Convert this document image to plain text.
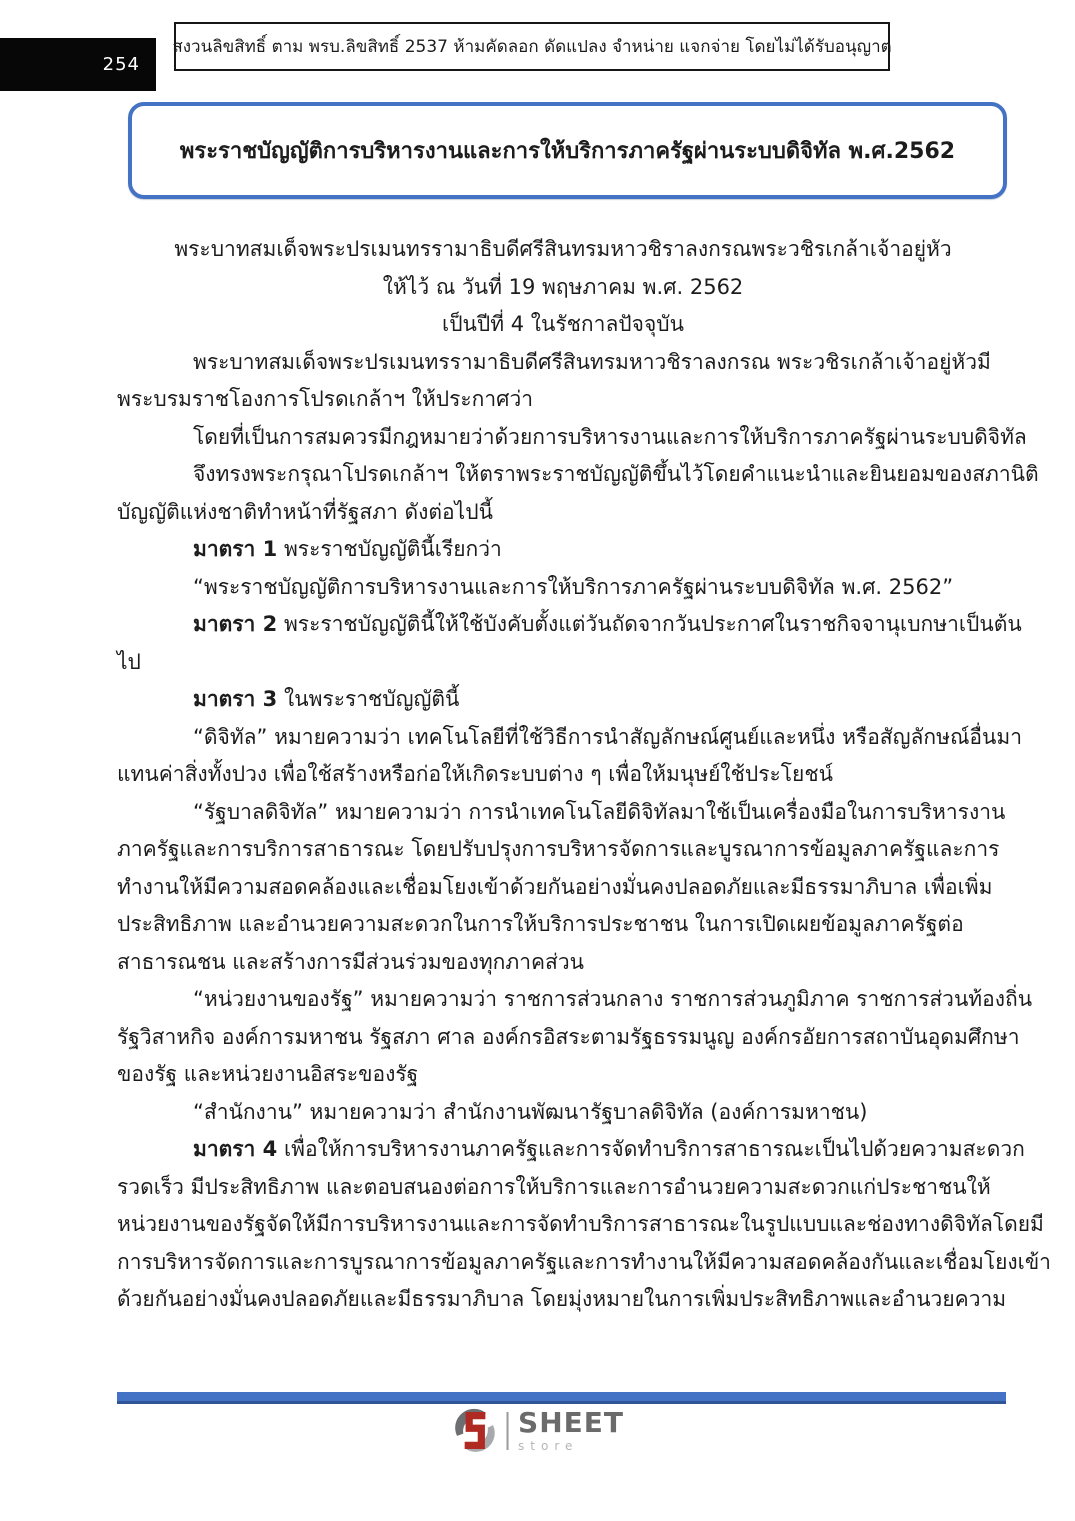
254
สงวนลิขสิทธิ์ ตาม พรบ.ลิขสิทธิ์ 2537 ห้ามคัดลอก ดัดแปลง จำหน่าย แจกจ่าย โดยไม่ได้รับอนุญาต
พระราชบัญญัติการบริหารงานและการให้บริการภาครัฐผ่านระบบดิจิทัล พ.ศ.2562
พระบาทสมเด็จพระปรเมนทรรามาธิบดีศรีสินทรมหาวชิราลงกรณพระวชิรเกล้าเจ้าอยู่หัว
ให้ไว้ ณ วันที่ 19 พฤษภาคม พ.ศ. 2562
เป็นปีที่ 4 ในรัชกาลปัจจุบัน
พระบาทสมเด็จพระปรเมนทรรามาธิบดีศรีสินทรมหาวชิราลงกรณ พระวชิรเกล้าเจ้าอยู่หัวมี
พระบรมราชโองการโปรดเกล้าฯ ให้ประกาศว่า
โดยที่เป็นการสมควรมีกฎหมายว่าด้วยการบริหารงานและการให้บริการภาครัฐผ่านระบบดิจิทัล
จึงทรงพระกรุณาโปรดเกล้าฯ ให้ตราพระราชบัญญัติขึ้นไว้โดยคำแนะนำและยินยอมของสภานิติ
บัญญัติแห่งชาติทำหน้าที่รัฐสภา ดังต่อไปนี้
มาตรา 1 พระราชบัญญัตินี้เรียกว่า
“พระราชบัญญัติการบริหารงานและการให้บริการภาครัฐผ่านระบบดิจิทัล พ.ศ. 2562”
มาตรา 2 พระราชบัญญัตินี้ให้ใช้บังคับตั้งแต่วันถัดจากวันประกาศในราชกิจจานุเบกษาเป็นต้น
ไป
มาตรา 3 ในพระราชบัญญัตินี้
“ดิจิทัล” หมายความว่า เทคโนโลยีที่ใช้วิธีการนำสัญลักษณ์ศูนย์และหนึ่ง หรือสัญลักษณ์อื่นมา
แทนค่าสิ่งทั้งปวง เพื่อใช้สร้างหรือก่อให้เกิดระบบต่าง ๆ เพื่อให้มนุษย์ใช้ประโยชน์
“รัฐบาลดิจิทัล” หมายความว่า การนำเทคโนโลยีดิจิทัลมาใช้เป็นเครื่องมือในการบริหารงาน
ภาครัฐและการบริการสาธารณะ โดยปรับปรุงการบริหารจัดการและบูรณาการข้อมูลภาครัฐและการ
ทำงานให้มีความสอดคล้องและเชื่อมโยงเข้าด้วยกันอย่างมั่นคงปลอดภัยและมีธรรมาภิบาล เพื่อเพิ่ม
ประสิทธิภาพ และอำนวยความสะดวกในการให้บริการประชาชน ในการเปิดเผยข้อมูลภาครัฐต่อ
สาธารณชน และสร้างการมีส่วนร่วมของทุกภาคส่วน
“หน่วยงานของรัฐ” หมายความว่า ราชการส่วนกลาง ราชการส่วนภูมิภาค ราชการส่วนท้องถิ่น
รัฐวิสาหกิจ องค์การมหาชน รัฐสภา ศาล องค์กรอิสระตามรัฐธรรมนูญ องค์กรอัยการสถาบันอุดมศึกษา
ของรัฐ และหน่วยงานอิสระของรัฐ
“สำนักงาน” หมายความว่า สำนักงานพัฒนารัฐบาลดิจิทัล (องค์การมหาชน)
มาตรา 4 เพื่อให้การบริหารงานภาครัฐและการจัดทำบริการสาธารณะเป็นไปด้วยความสะดวก
รวดเร็ว มีประสิทธิภาพ และตอบสนองต่อการให้บริการและการอำนวยความสะดวกแก่ประชาชนให้
หน่วยงานของรัฐจัดให้มีการบริหารงานและการจัดทำบริการสาธารณะในรูปแบบและช่องทางดิจิทัลโดยมี
การบริหารจัดการและการบูรณาการข้อมูลภาครัฐและการทำงานให้มีความสอดคล้องกันและเชื่อมโยงเข้า
ด้วยกันอย่างมั่นคงปลอดภัยและมีธรรมาภิบาล โดยมุ่งหมายในการเพิ่มประสิทธิภาพและอำนวยความ
SHEET
store
